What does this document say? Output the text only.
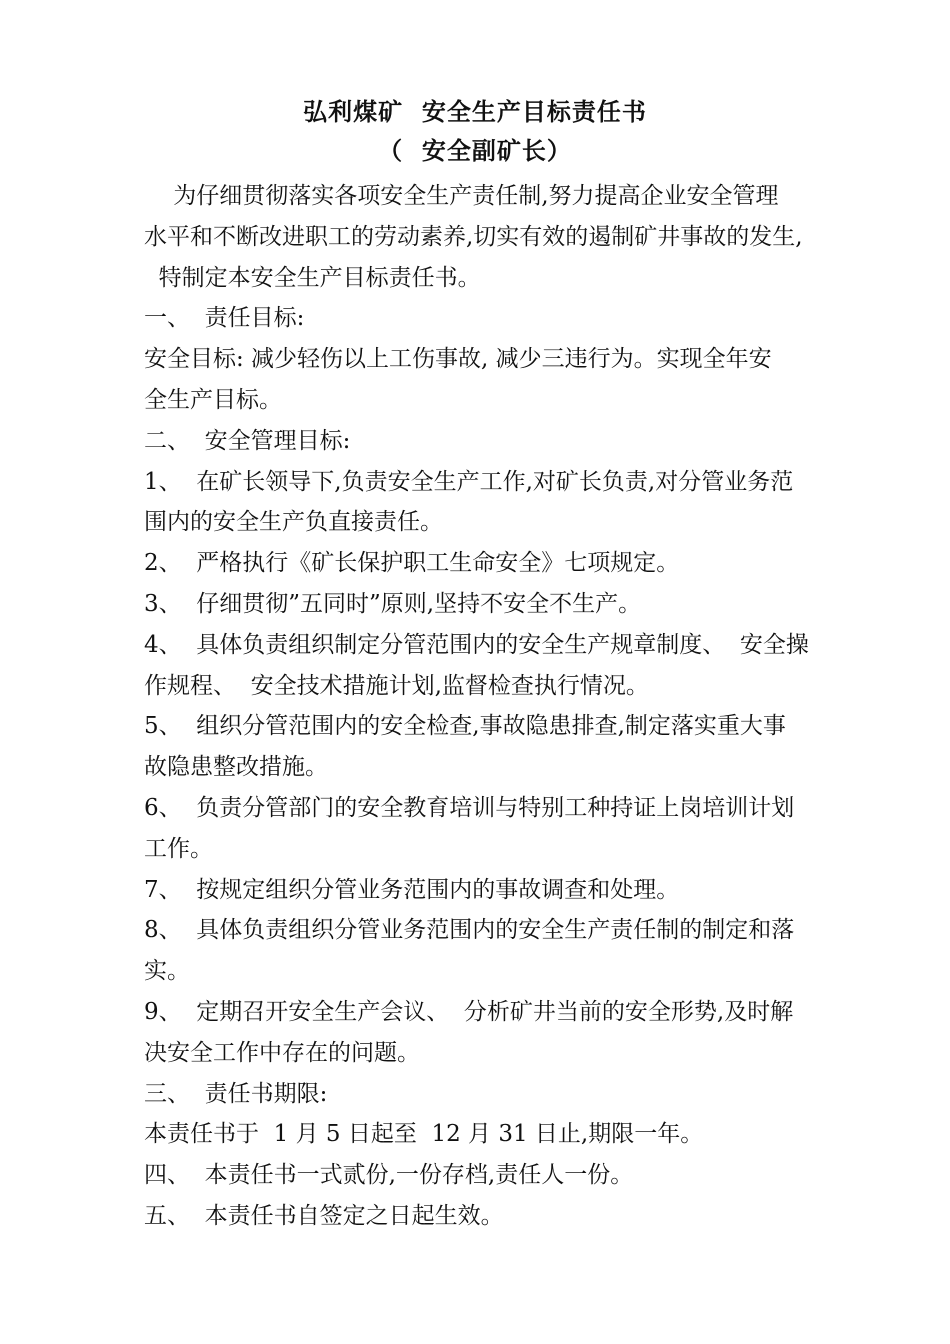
弘利煤矿  安全生产目标责任书
（  安全副矿长）
为仔细贯彻落实各项安全生产责任制,努力提高企业安全管理
水平和不断改进职工的劳动素养,切实有效的遏制矿井事故的发生,
特制定本安全生产目标责任书。
一、  责任目标:
安全目标: 减少轻伤以上工伤事故, 减少三违行为。实现全年安
全生产目标。
二、  安全管理目标:
1、  在矿长领导下,负责安全生产工作,对矿长负责,对分管业务范
围内的安全生产负直接责任。
2、  严格执行《矿长保护职工生命安全》七项规定。
3、  仔细贯彻”五同时”原则,坚持不安全不生产。
4、  具体负责组织制定分管范围内的安全生产规章制度、  安全操
作规程、  安全技术措施计划,监督检查执行情况。
5、  组织分管范围内的安全检查,事故隐患排查,制定落实重大事
故隐患整改措施。
6、  负责分管部门的安全教育培训与特别工种持证上岗培训计划
工作。
7、  按规定组织分管业务范围内的事故调查和处理。
8、  具体负责组织分管业务范围内的安全生产责任制的制定和落
实。
9、  定期召开安全生产会议、  分析矿井当前的安全形势,及时解
决安全工作中存在的问题。
三、  责任书期限:
本责任书于  1 月 5 日起至  12 月 31 日止,期限一年。
四、  本责任书一式贰份,一份存档,责任人一份。
五、  本责任书自签定之日起生效。
